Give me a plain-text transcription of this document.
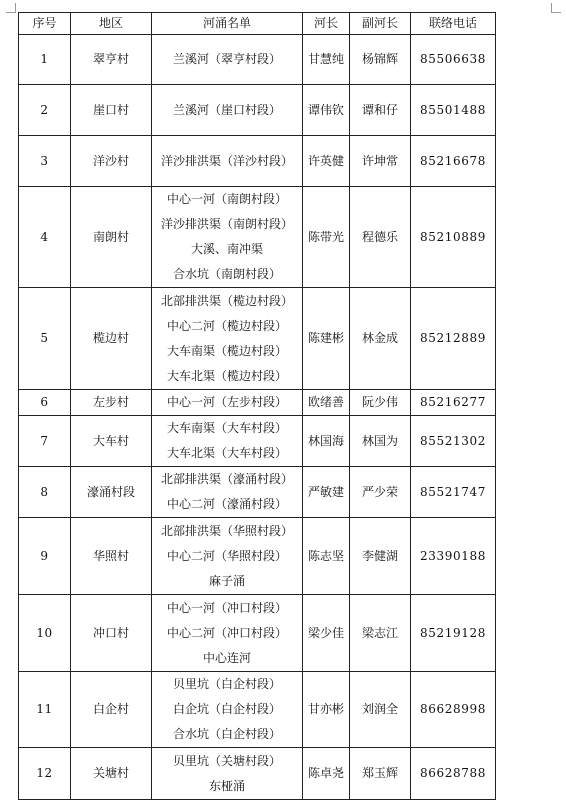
序号	地区	河涌名单	河长	副河长	联络电话
1	翠亨村	兰溪河（翠亨村段）	甘慧纯	杨锦辉	85506638
2	崖口村	兰溪河（崖口村段）	谭伟钦	谭和仔	85501488
3	洋沙村	洋沙排洪渠（洋沙村段）	许英健	许坤常	85216678
4	南朗村	中心一河（南朗村段）
洋沙排洪渠（南朗村段）
大溪、南冲渠
合水坑（南朗村段）	陈带光	程德乐	85210889
5	榄边村	北部排洪渠（榄边村段）
中心二河（榄边村段）
大车南渠（榄边村段）
大车北渠（榄边村段）	陈建彬	林金成	85212889
6	左步村	中心一河（左步村段）	欧绪善	阮少伟	85216277
7	大车村	大车南渠（大车村段）
大车北渠（大车村段）	林国海	林国为	85521302
8	濠涌村段	北部排洪渠（濠涌村段）
中心二河（濠涌村段）	严敏建	严少荣	85521747
9	华照村	北部排洪渠（华照村段）
中心二河（华照村段）
麻子涌	陈志坚	李健湖	23390188
10	冲口村	中心一河（冲口村段）
中心二河（冲口村段）
中心连河	梁少佳	梁志江	85219128
11	白企村	贝里坑（白企村段）
白企坑（白企村段）
合水坑（白企村段）	甘亦彬	刘润全	86628998
12	关塘村	贝里坑（关塘村段）
东桠涌	陈卓尧	郑玉辉	86628788
